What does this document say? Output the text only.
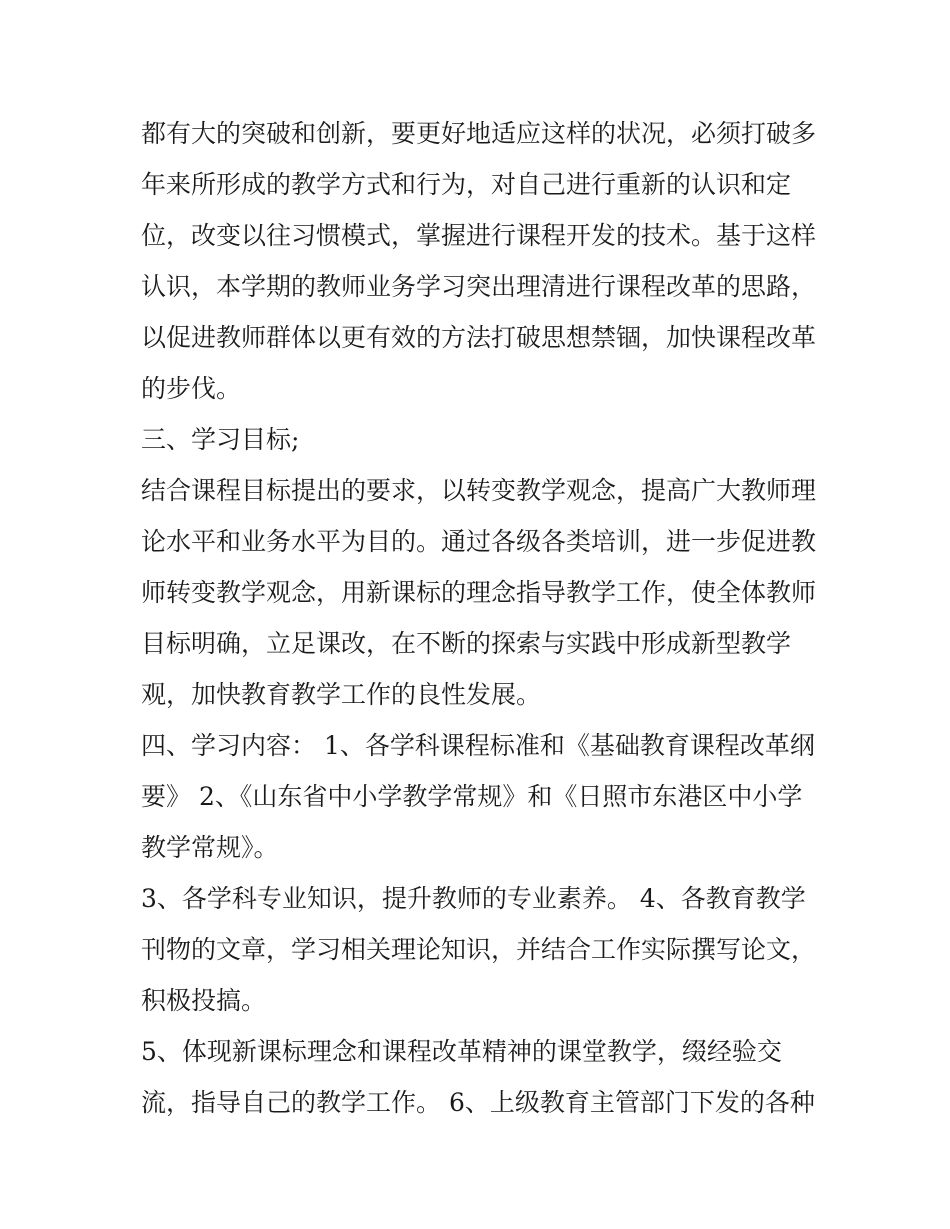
都有大的突破和创新，要更好地适应这样的状况，必须打破多
年来所形成的教学方式和行为，对自己进行重新的认识和定
位，改变以往习惯模式，掌握进行课程开发的技术。基于这样
认识，本学期的教师业务学习突出理清进行课程改革的思路，
以促进教师群体以更有效的方法打破思想禁锢，加快课程改革
的步伐。
三、学习目标;
结合课程目标提出的要求，以转变教学观念，提高广大教师理
论水平和业务水平为目的。通过各级各类培训，进一步促进教
师转变教学观念，用新课标的理念指导教学工作，使全体教师
目标明确，立足课改，在不断的探索与实践中形成新型教学
观，加快教育教学工作的良性发展。
四、学习内容： 1、各学科课程标准和《基础教育课程改革纲
要》 2、《山东省中小学教学常规》和《日照市东港区中小学
教学常规》。
3、各学科专业知识，提升教师的专业素养。 4、各教育教学
刊物的文章，学习相关理论知识，并结合工作实际撰写论文，
积极投搞。
5、体现新课标理念和课程改革精神的课堂教学，缀经验交
流，指导自己的教学工作。 6、上级教育主管部门下发的各种
